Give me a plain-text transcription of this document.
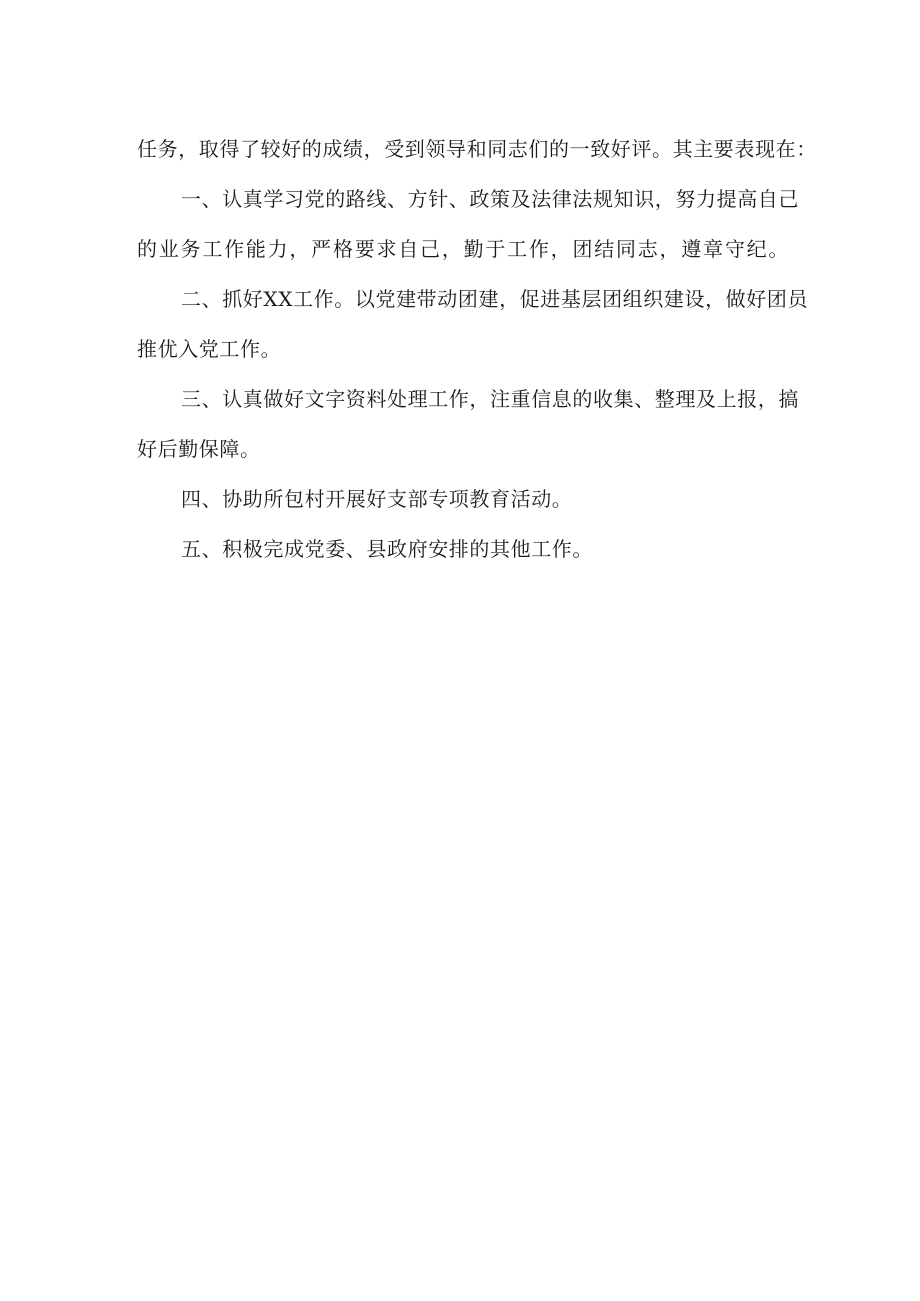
任务，取得了较好的成绩，受到领导和同志们的一致好评。其主要表现在：
一、认真学习党的路线、方针、政策及法律法规知识，努力提高自己
的业务工作能力，严格要求自己，勤于工作，团结同志，遵章守纪。
二、抓好XX工作。以党建带动团建，促进基层团组织建设，做好团员
推优入党工作。
三、认真做好文字资料处理工作，注重信息的收集、整理及上报，搞
好后勤保障。
四、协助所包村开展好支部专项教育活动。
五、积极完成党委、县政府安排的其他工作。
